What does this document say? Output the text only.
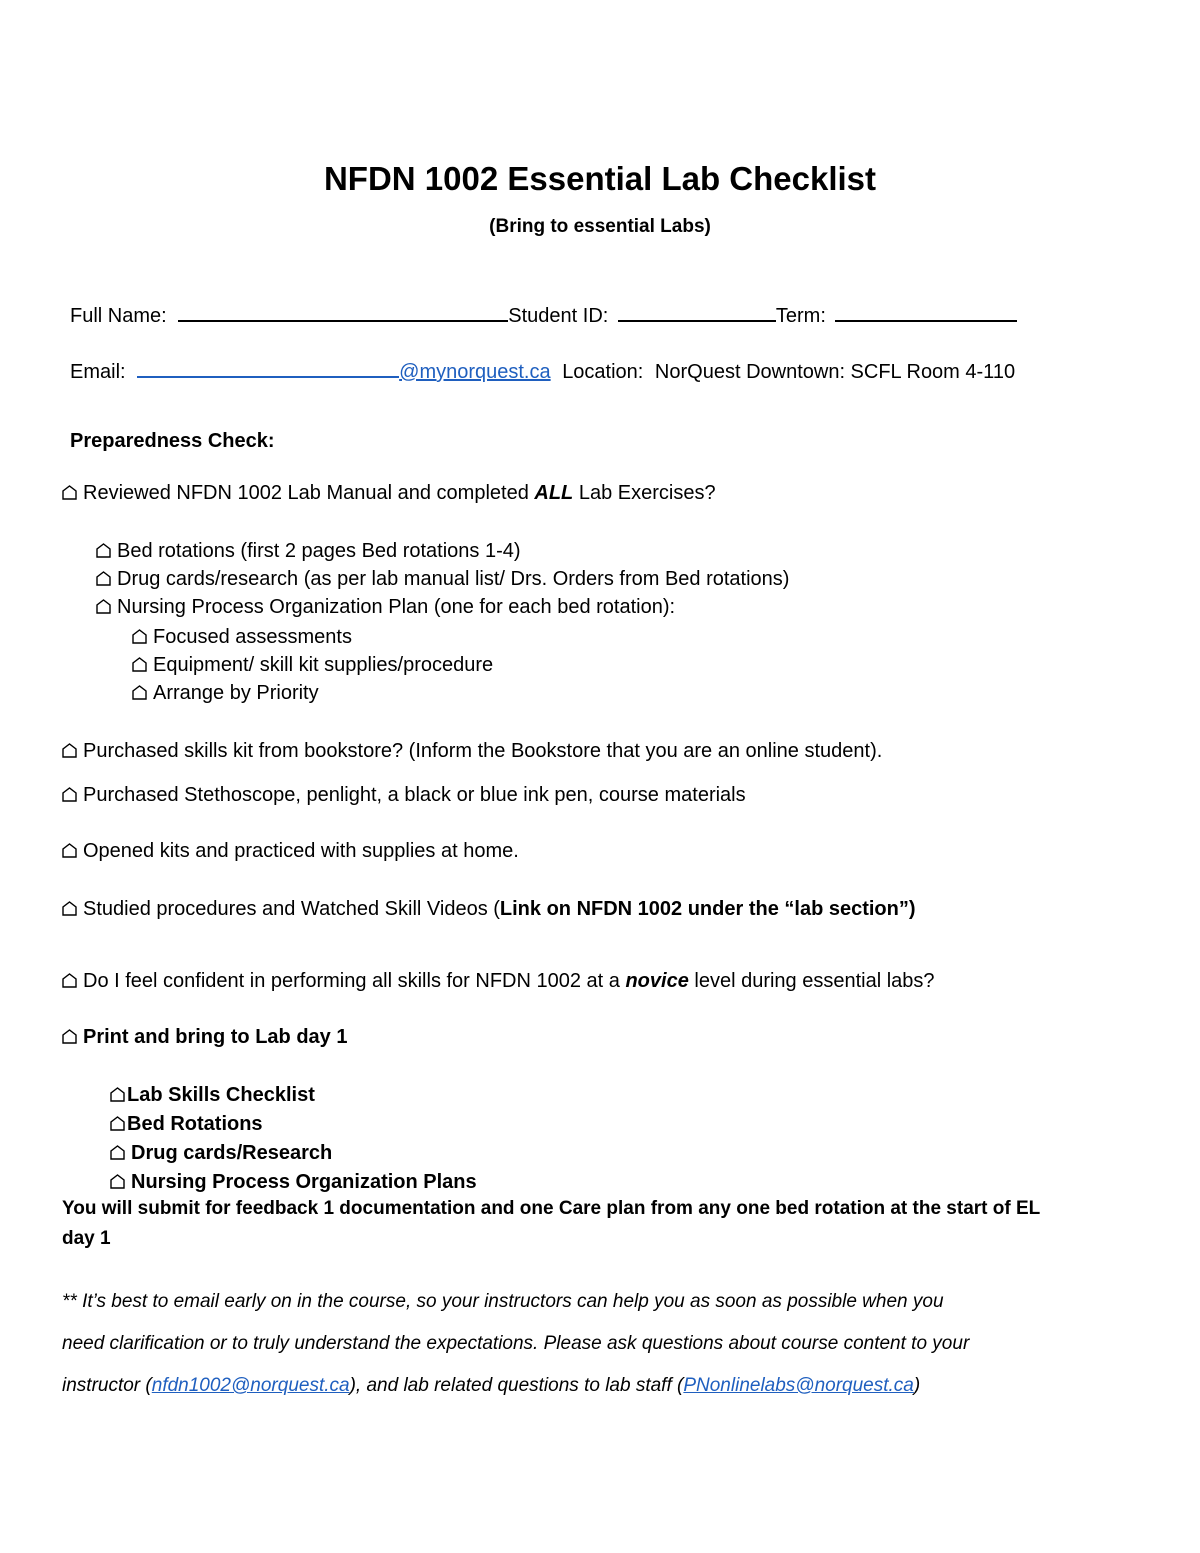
NFDN 1002 Essential Lab Checklist
(Bring to essential Labs)
Full Name:	Student ID:	Term:
Email:	@mynorquest.ca Location: NorQuest Downtown: SCFL Room 4-110
Preparedness Check:
Reviewed NFDN 1002 Lab Manual and completed ALL Lab Exercises?
Bed rotations (first 2 pages Bed rotations 1-4)
Drug cards/research (as per lab manual list/ Drs. Orders from Bed rotations)
Nursing Process Organization Plan (one for each bed rotation):
Focused assessments
Equipment/ skill kit supplies/procedure
Arrange by Priority
Purchased skills kit from bookstore? (Inform the Bookstore that you are an online student).
Purchased Stethoscope, penlight, a black or blue ink pen, course materials
Opened kits and practiced with supplies at home.
Studied procedures and Watched Skill Videos (Link on NFDN 1002 under the “lab section”)
Do I feel confident in performing all skills for NFDN 1002 at a novice level during essential labs?
Print and bring to Lab day 1
Lab Skills Checklist
Bed Rotations
Drug cards/Research
Nursing Process Organization Plans
You will submit for feedback 1 documentation and one Care plan from any one bed rotation at the start of EL
day 1
** It’s best to email early on in the course, so your instructors can help you as soon as possible when you
need clarification or to truly understand the expectations. Please ask questions about course content to your
instructor (nfdn1002@norquest.ca), and lab related questions to lab staff (PNonlinelabs@norquest.ca)
